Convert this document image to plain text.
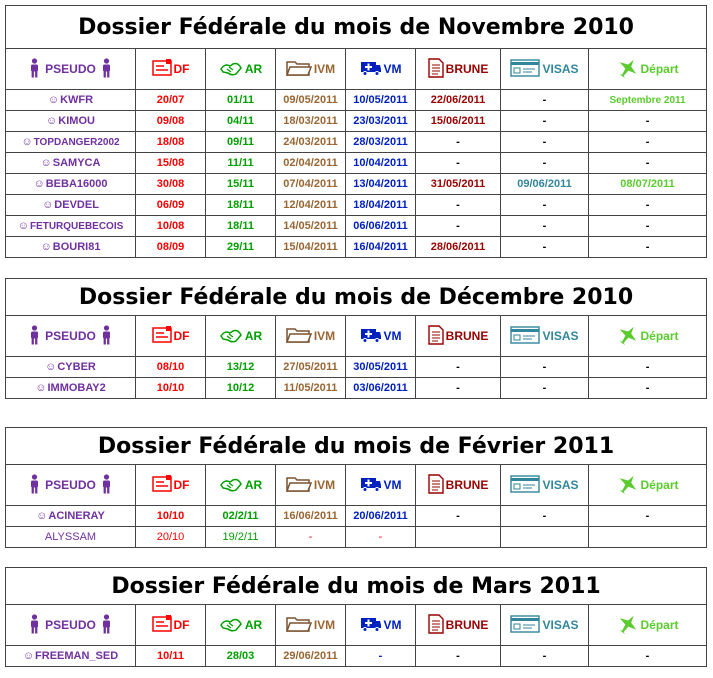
Dossier Fédérale du mois de Novembre 2010							
PSEUDO	DF	AR	IVM	VM	BRUNE	VISAS	Départ
☺KWFR	20/07	01/11	09/05/2011	10/05/2011	22/06/2011	-	Septembre 2011
☺KIMOU	09/08	04/11	18/03/2011	23/03/2011	15/06/2011	-	-
☺TOPDANGER2002	18/08	09/11	24/03/2011	28/03/2011	-	-	-
☺SAMYCA	15/08	11/11	02/04/2011	10/04/2011	-	-	-
☺BEBA16000	30/08	15/11	07/04/2011	13/04/2011	31/05/2011	09/06/2011	08/07/2011
☺DEVDEL	06/09	18/11	12/04/2011	18/04/2011	-	-	-
☺FETURQUEBECOIS	10/08	18/11	14/05/2011	06/06/2011	-	-	-
☺BOURI81	08/09	29/11	15/04/2011	16/04/2011	28/06/2011	-	-
Dossier Fédérale du mois de Décembre 2010							
PSEUDO	DF	AR	IVM	VM	BRUNE	VISAS	Départ
☺CYBER	08/10	13/12	27/05/2011	30/05/2011	-	-	-
☺IMMOBAY2	10/10	10/12	11/05/2011	03/06/2011	-	-	-
Dossier Fédérale du mois de Février 2011							
PSEUDO	DF	AR	IVM	VM	BRUNE	VISAS	Départ
☺ACINERAY	10/10	02/2/11	16/06/2011	20/06/2011	-	-	-
ALYSSAM	20/10	19/2/11	-	-			
Dossier Fédérale du mois de Mars 2011							
PSEUDO	DF	AR	IVM	VM	BRUNE	VISAS	Départ
☺FREEMAN_SED	10/11	28/03	29/06/2011	-	-	-	-
